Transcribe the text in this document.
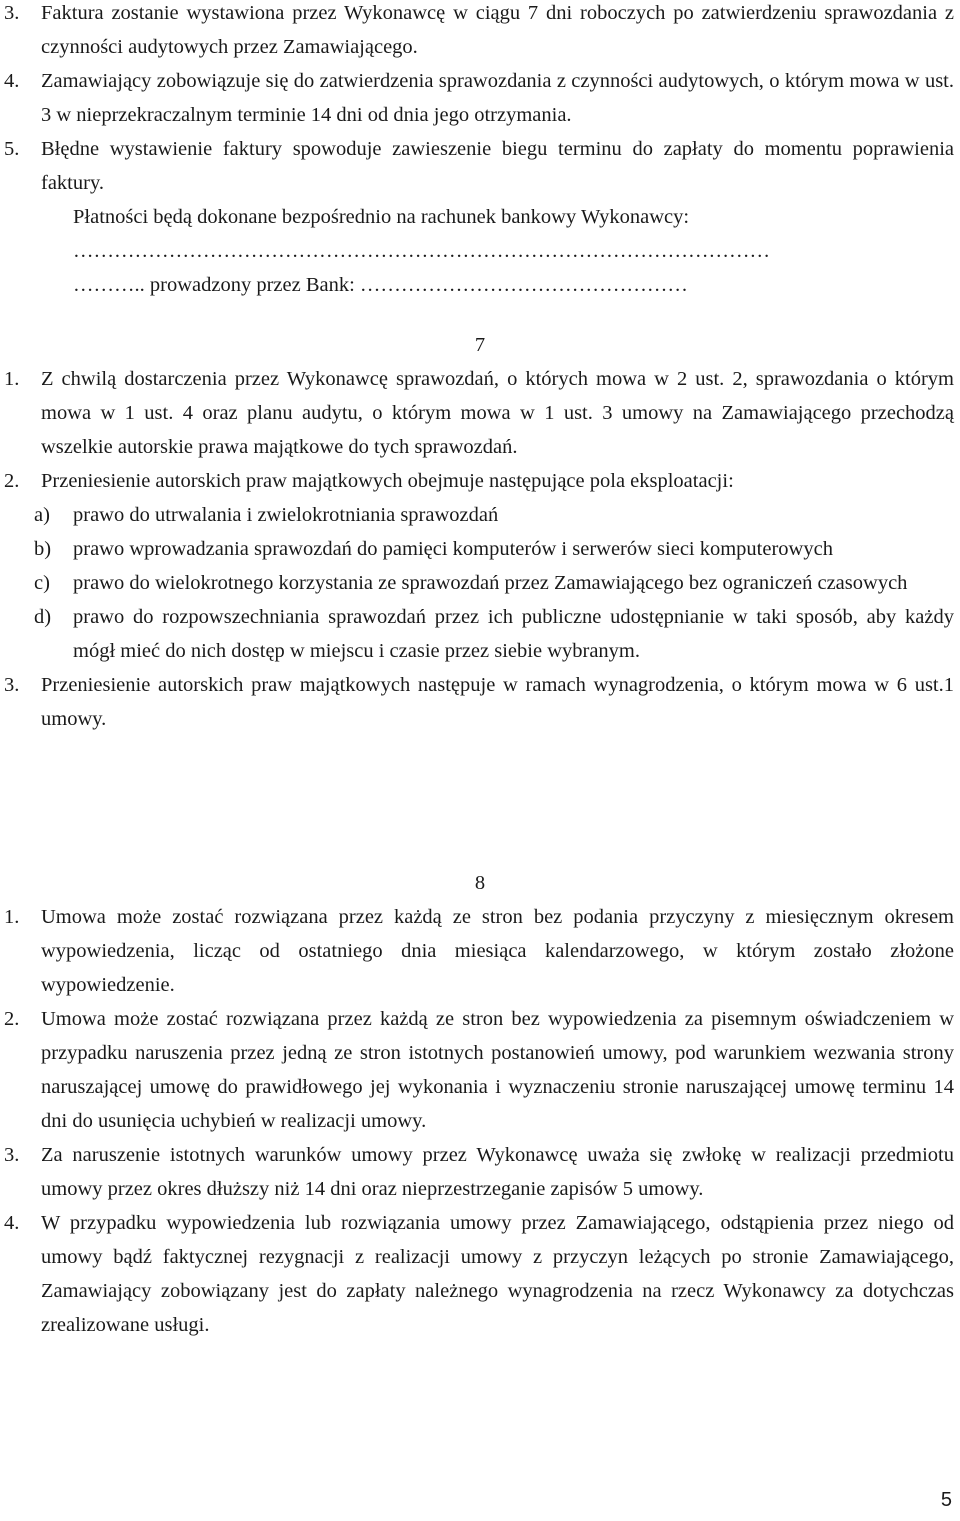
3. Faktura zostanie wystawiona przez Wykonawcę w ciągu 7 dni roboczych po zatwierdzeniu sprawozdania z czynności audytowych przez Zamawiającego.
4. Zamawiający zobowiązuje się do zatwierdzenia sprawozdania z czynności audytowych, o którym mowa w ust. 3 w nieprzekraczalnym terminie 14 dni od dnia jego otrzymania.
5. Błędne wystawienie faktury spowoduje zawieszenie biegu terminu do zapłaty do momentu poprawienia faktury.
Płatności będą dokonane bezpośrednio na rachunek bankowy Wykonawcy:
…………………………………………………………………………………………
……….. prowadzony przez Bank: …………………………………………
7
1. Z chwilą dostarczenia przez Wykonawcę sprawozdań, o których mowa w 2 ust. 2, sprawozdania o którym mowa w 1 ust. 4 oraz planu audytu, o którym mowa w 1 ust. 3 umowy na Zamawiającego przechodzą wszelkie autorskie prawa majątkowe do tych sprawozdań.
2. Przeniesienie autorskich praw majątkowych obejmuje następujące pola eksploatacji:
a) prawo do utrwalania i zwielokrotniania sprawozdań
b) prawo wprowadzania sprawozdań do pamięci komputerów i serwerów sieci komputerowych
c) prawo do wielokrotnego korzystania ze sprawozdań przez Zamawiającego bez ograniczeń czasowych
d) prawo do rozpowszechniania sprawozdań przez ich publiczne udostępnianie w taki sposób, aby każdy mógł mieć do nich dostęp w miejscu i czasie przez siebie wybranym.
3. Przeniesienie autorskich praw majątkowych następuje w ramach wynagrodzenia, o którym mowa w 6 ust.1 umowy.
8
1. Umowa może zostać rozwiązana przez każdą ze stron bez podania przyczyny z miesięcznym okresem wypowiedzenia, licząc od ostatniego dnia miesiąca kalendarzowego, w którym zostało złożone wypowiedzenie.
2. Umowa może zostać rozwiązana przez każdą ze stron bez wypowiedzenia za pisemnym oświadczeniem w przypadku naruszenia przez jedną ze stron istotnych postanowień umowy, pod warunkiem wezwania strony naruszającej umowę do prawidłowego jej wykonania i wyznaczeniu stronie naruszającej umowę terminu 14 dni do usunięcia uchybień w realizacji umowy.
3. Za naruszenie istotnych warunków umowy przez Wykonawcę uważa się zwłokę w realizacji przedmiotu umowy przez okres dłuższy niż 14 dni oraz nieprzestrzeganie zapisów 5 umowy.
4. W przypadku wypowiedzenia lub rozwiązania umowy przez Zamawiającego, odstąpienia przez niego od umowy bądź faktycznej rezygnacji z realizacji umowy z przyczyn leżących po stronie Zamawiającego, Zamawiający zobowiązany jest do zapłaty należnego wynagrodzenia na rzecz Wykonawcy za dotychczas zrealizowane usługi.
5
